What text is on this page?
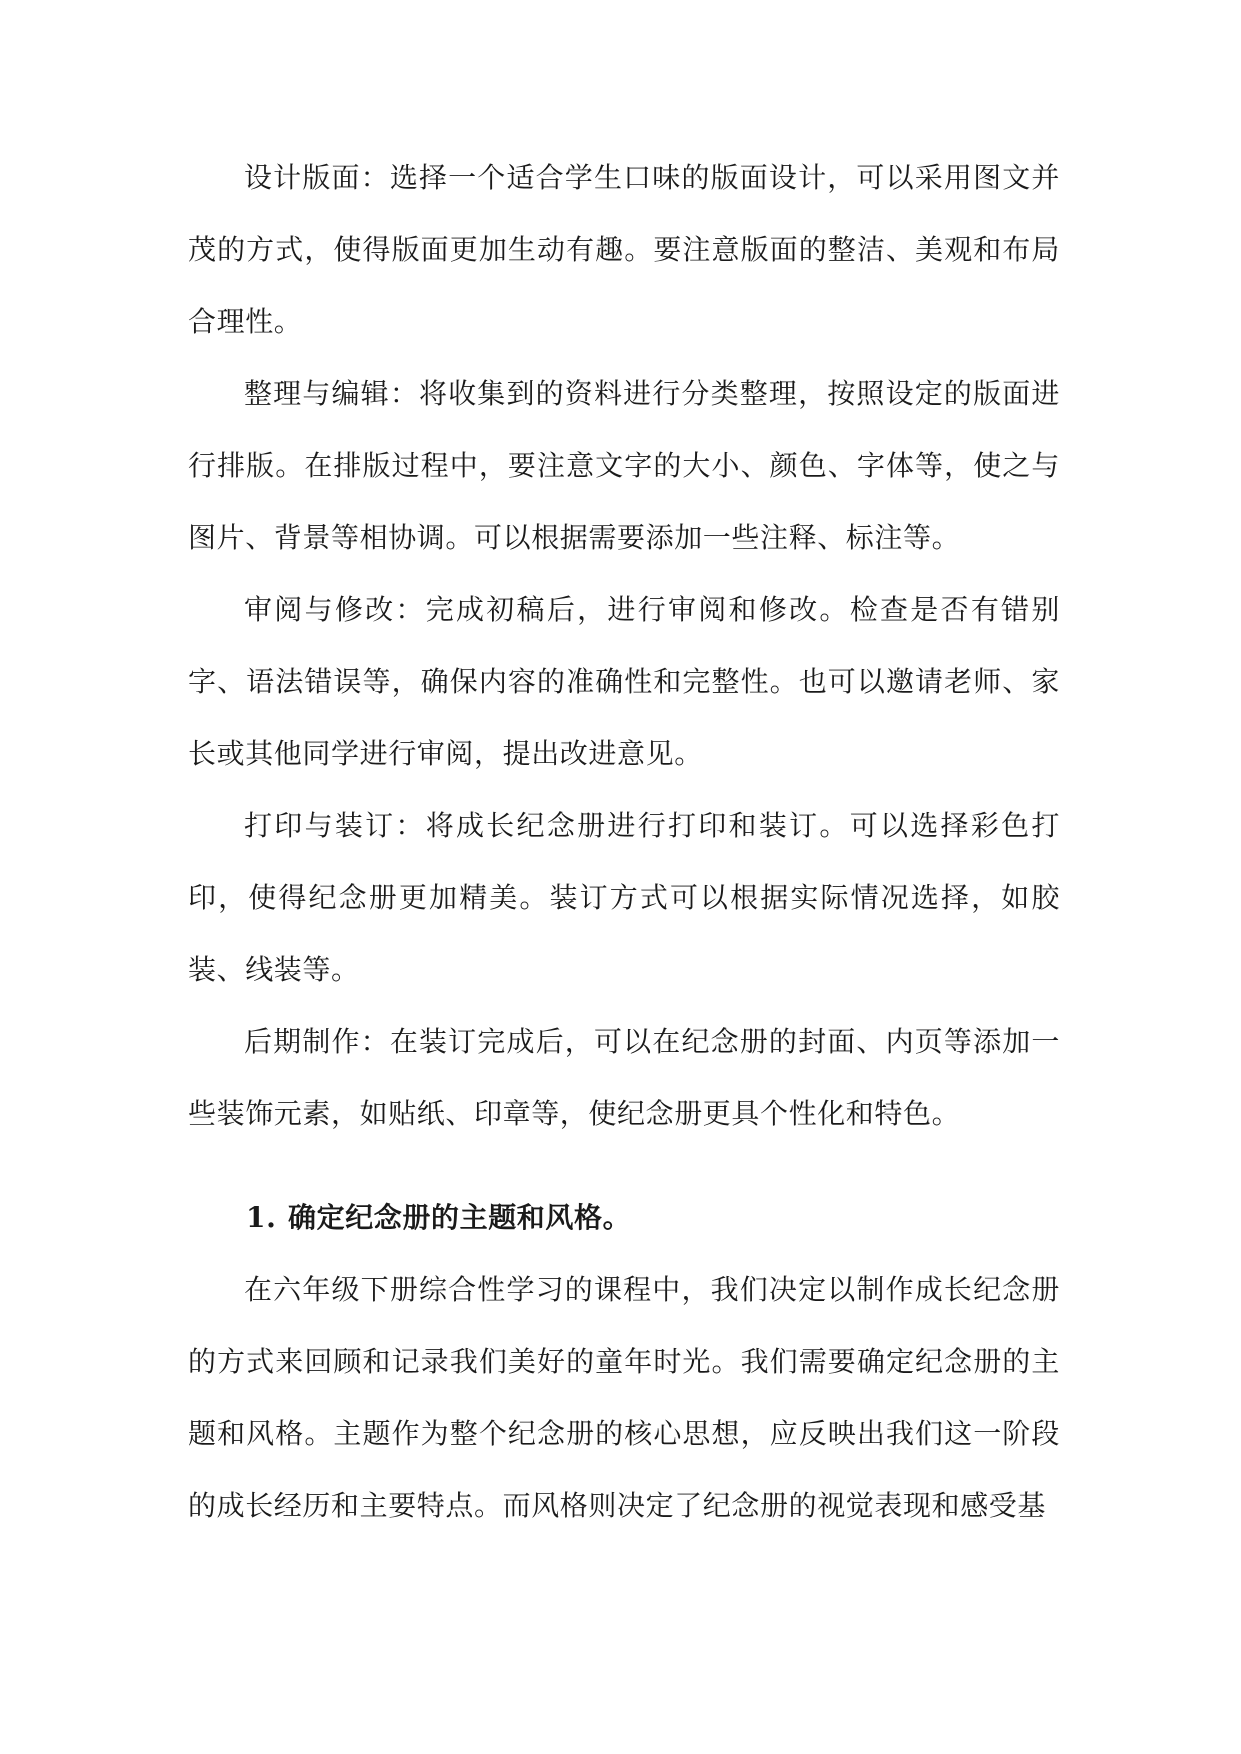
设计版面：选择一个适合学生口味的版面设计，可以采用图文并茂的方式，使得版面更加生动有趣。要注意版面的整洁、美观和布局合理性。

整理与编辑：将收集到的资料进行分类整理，按照设定的版面进行排版。在排版过程中，要注意文字的大小、颜色、字体等，使之与图片、背景等相协调。可以根据需要添加一些注释、标注等。

审阅与修改：完成初稿后，进行审阅和修改。检查是否有错别字、语法错误等，确保内容的准确性和完整性。也可以邀请老师、家长或其他同学进行审阅，提出改进意见。

打印与装订：将成长纪念册进行打印和装订。可以选择彩色打印，使得纪念册更加精美。装订方式可以根据实际情况选择，如胶装、线装等。

后期制作：在装订完成后，可以在纪念册的封面、内页等添加一些装饰元素，如贴纸、印章等，使纪念册更具个性化和特色。

1. 确定纪念册的主题和风格。

在六年级下册综合性学习的课程中，我们决定以制作成长纪念册的方式来回顾和记录我们美好的童年时光。我们需要确定纪念册的主题和风格。主题作为整个纪念册的核心思想，应反映出我们这一阶段的成长经历和主要特点。而风格则决定了纪念册的视觉表现和感受基
